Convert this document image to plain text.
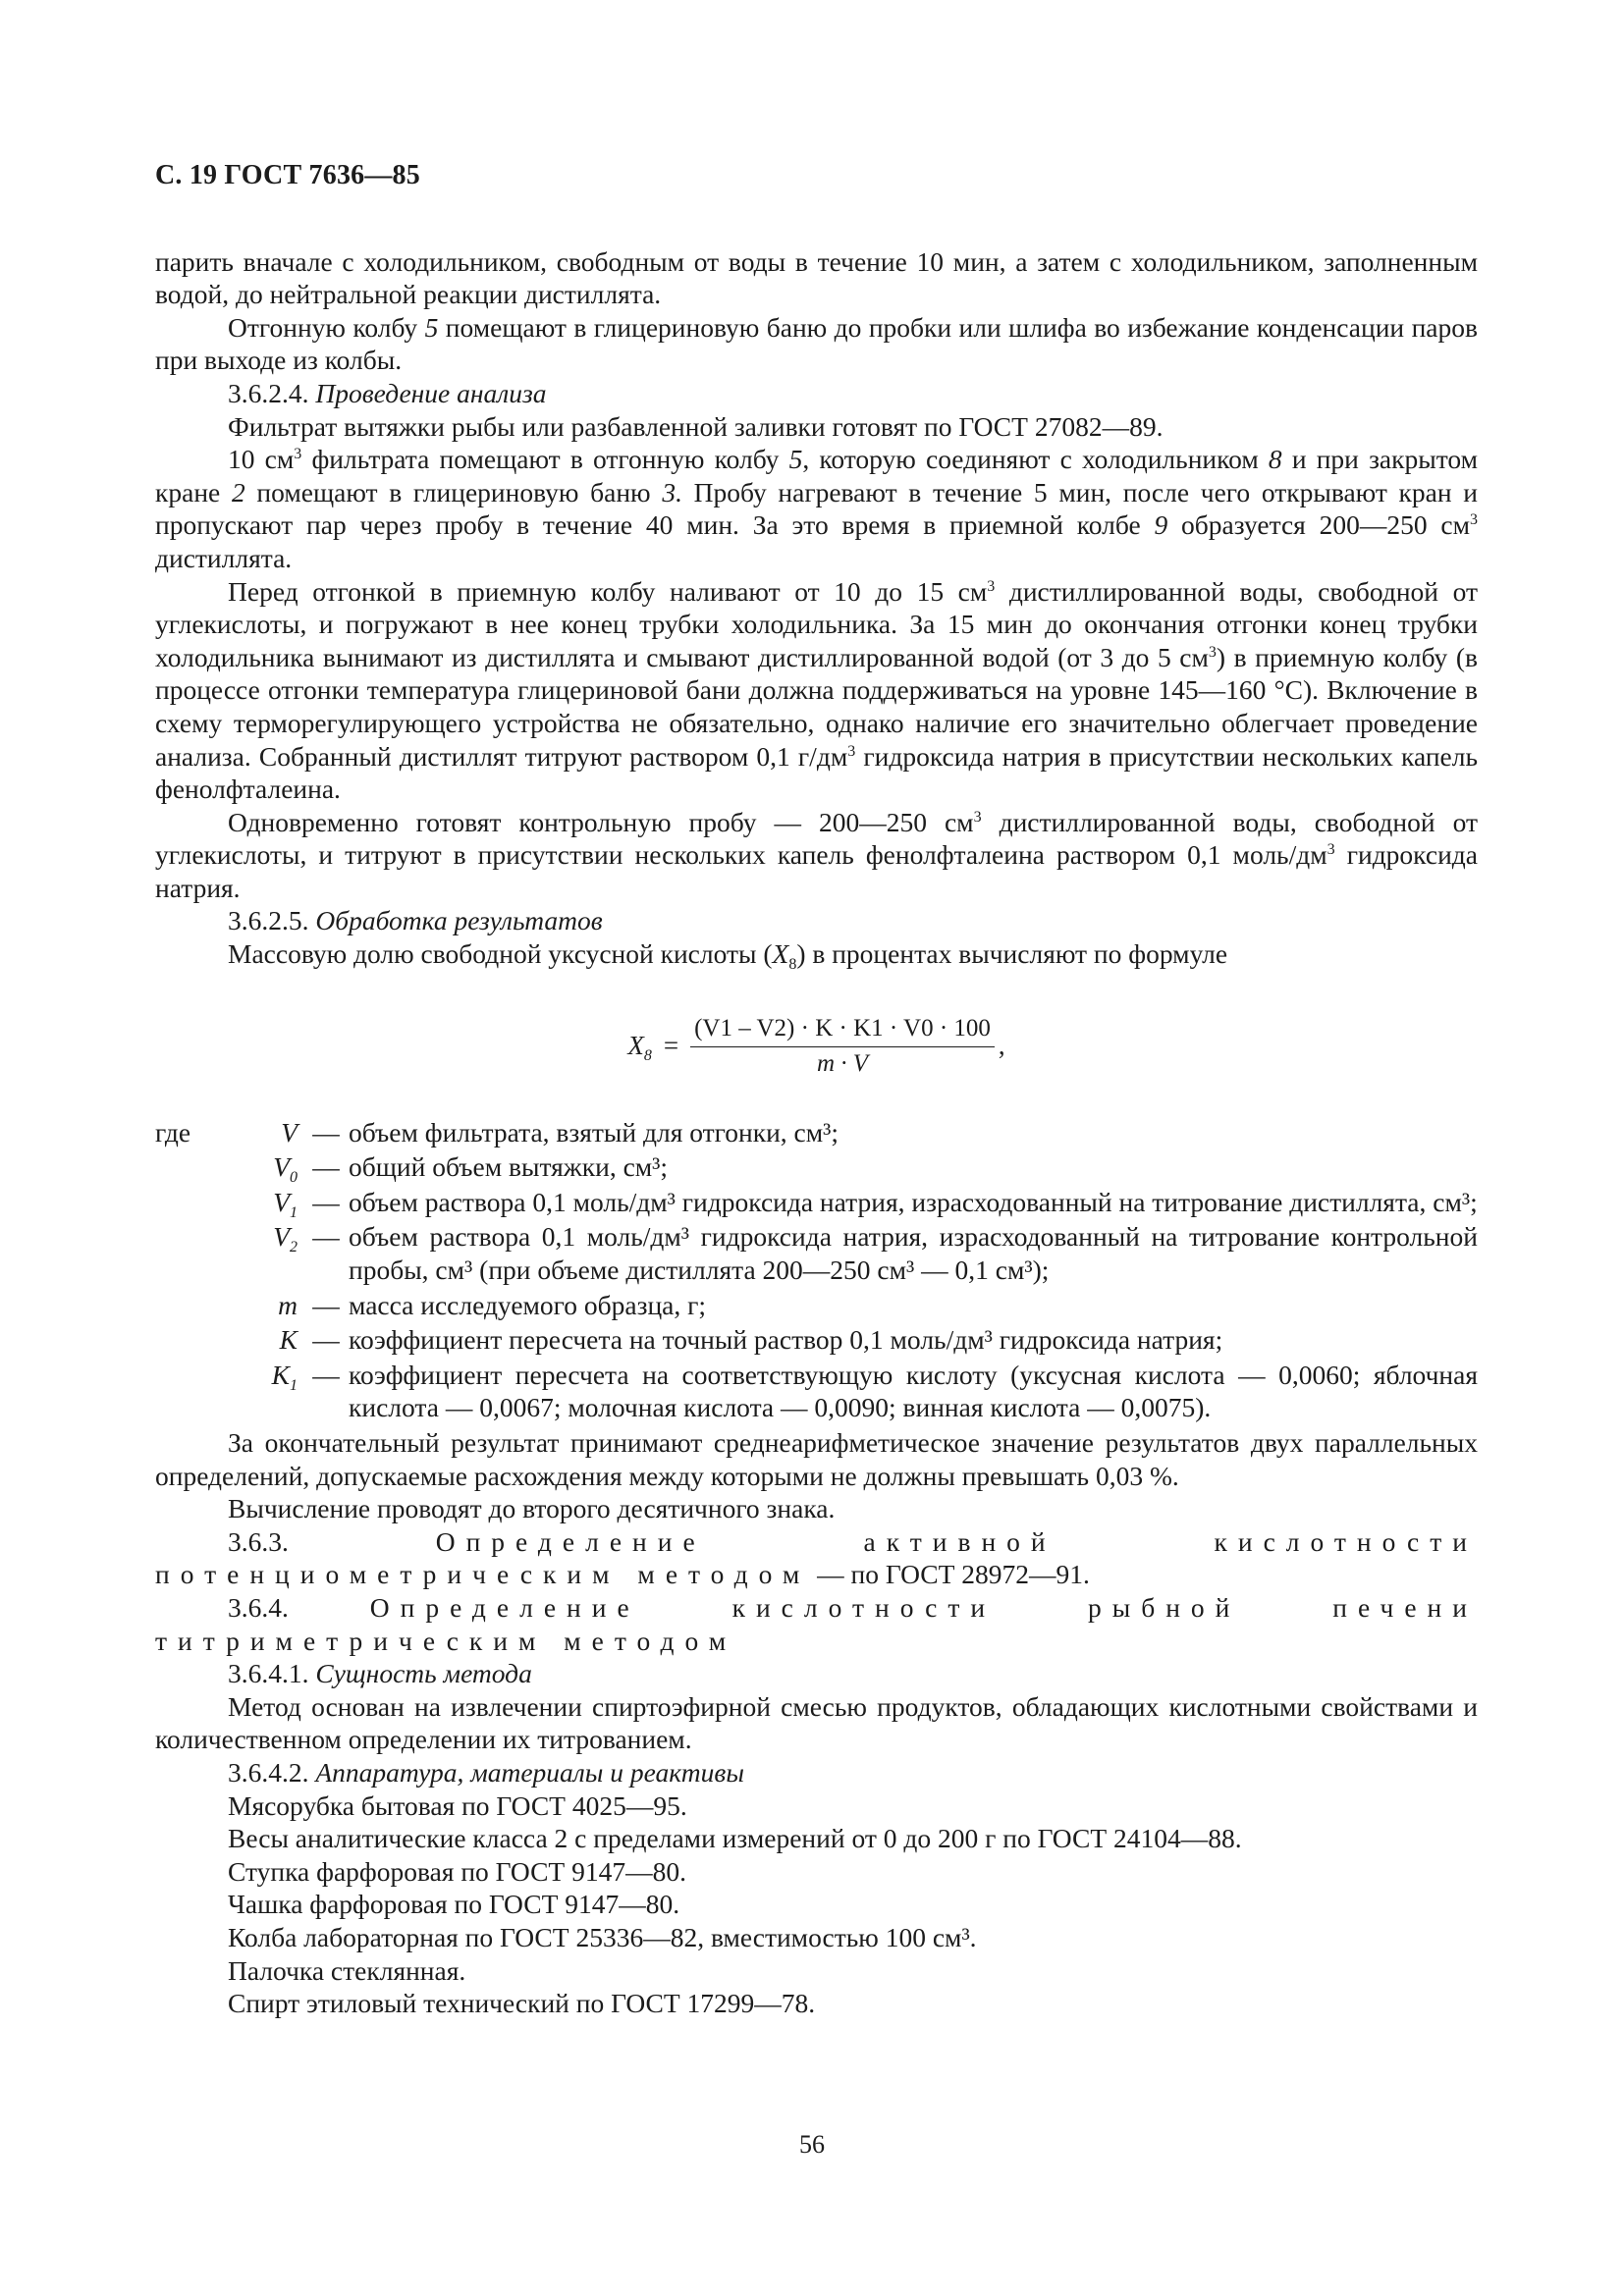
С. 19 ГОСТ 7636—85

парить вначале с холодильником, свободным от воды в течение 10 мин, а затем с холодильником, заполненным водой, до нейтральной реакции дистиллята.

Отгонную колбу 5 помещают в глицериновую баню до пробки или шлифа во избежание конденсации паров при выходе из колбы.

3.6.2.4. Проведение анализа

Фильтрат вытяжки рыбы или разбавленной заливки готовят по ГОСТ 27082—89.

10 $см^3$ фильтрата помещают в отгонную колбу 5, которую соединяют с холодильником 8 и при закрытом кране 2 помещают в глицериновую баню 3. Пробу нагревают в течение 5 мин, после чего открывают кран и пропускают пар через пробу в течение 40 мин. За это время в приемной колбе 9 образуется 200—250 $см^3$ дистиллята.

Перед отгонкой в приемную колбу наливают от 10 до 15 $см^3$ дистиллированной воды, свободной от углекислоты, и погружают в нее конец трубки холодильника. За 15 мин до окончания отгонки конец трубки холодильника вынимают из дистиллята и смывают дистиллированной водой (от 3 до 5 $см^3$) в приемную колбу (в процессе отгонки температура глицериновой бани должна поддерживаться на уровне 145—160 °С). Включение в схему терморегулирующего устройства не обязательно, однако наличие его значительно облегчает проведение анализа. Собранный дистиллят титруют раствором 0,1 $г/дм^3$ гидроксида натрия в присутствии нескольких капель фенолфталеина.

Одновременно готовят контрольную пробу — 200—250 $см^3$ дистиллированной воды, свободной от углекислоты, и титруют в присутствии нескольких капель фенолфталеина раствором 0,1 моль/$дм^3$ гидроксида натрия.

3.6.2.5. Обработка результатов

Массовую долю свободной уксусной кислоты $(X_8)$ в процентах вычисляют по формуле

$X_8 = \frac{(V1 - V2) \cdot K \cdot K1 \cdot V0 \cdot 100}{m \cdot V}$ ,
где	V — объем фильтрата, взятый для отгонки, см³;
$V_0$ — общий объем вытяжки, см³;
$V_1$ — объем раствора 0,1 моль/дм³ гидроксида натрия, израсходованный на титрование дистиллята, см³;
$V_2$ — объем раствора 0,1 моль/дм³ гидроксида натрия, израсходованный на титрование контрольной пробы, см³ (при объеме дистиллята 200—250 см³ — 0,1 см³);
m — масса исследуемого образца, г;
K — коэффициент пересчета на точный раствор 0,1 моль/дм³ гидроксида натрия;
$K_1$ — коэффициент пересчета на соответствующую кислоту (уксусная кислота — 0,0060; яблочная кислота — 0,0067; молочная кислота — 0,0090; винная кислота — 0,0075).

За окончательный результат принимают среднеарифметическое значение результатов двух параллельных определений, допускаемые расхождения между которыми не должны превышать 0,03 %.

Вычисление проводят до второго десятичного знака.

3.6.3. Определение активной кислотности потенциометрическим методом — по ГОСТ 28972—91.

3.6.4. Определение кислотности рыбной печени титриметрическим методом

3.6.4.1. Сущность метода

Метод основан на извлечении спиртоэфирной смесью продуктов, обладающих кислотными свойствами и количественном определении их титрованием.

3.6.4.2. Аппаратура, материалы и реактивы

Мясорубка бытовая по ГОСТ 4025—95.

Весы аналитические класса 2 с пределами измерений от 0 до 200 г по ГОСТ 24104—88.

Ступка фарфоровая по ГОСТ 9147—80.

Чашка фарфоровая по ГОСТ 9147—80.

Колба лабораторная по ГОСТ 25336—82, вместимостью 100 см³.

Палочка стеклянная.

Спирт этиловый технический по ГОСТ 17299—78.

56
